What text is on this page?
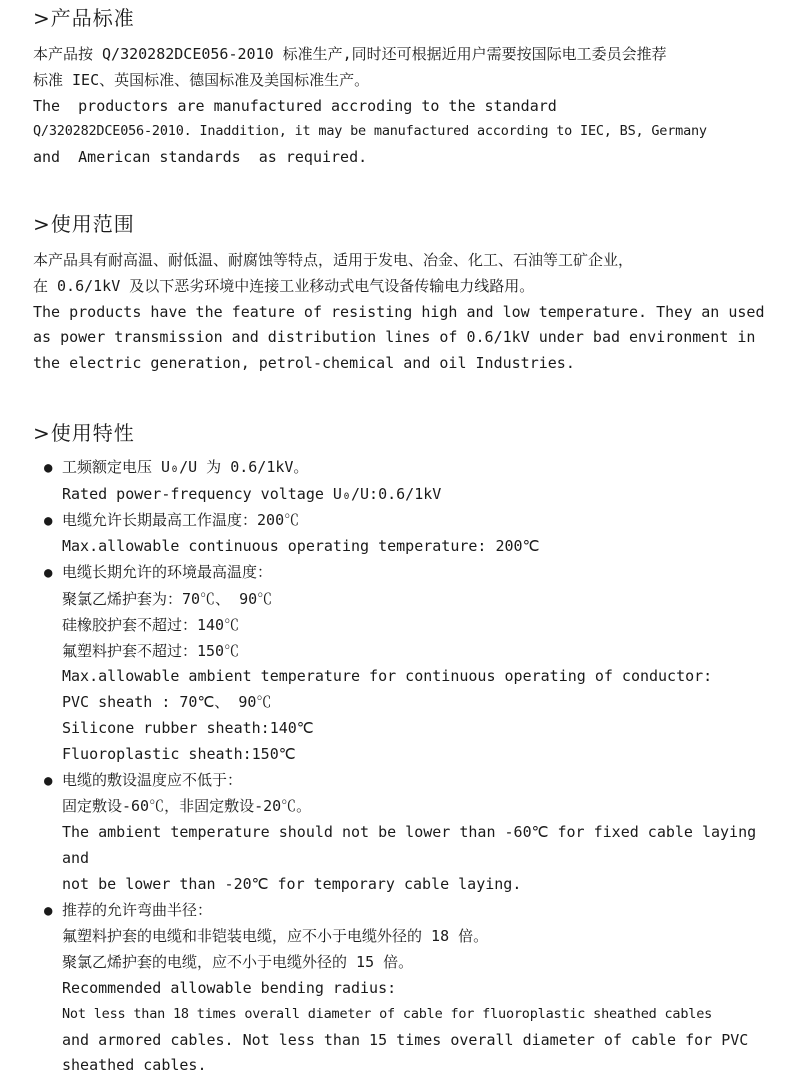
>产品标准
本产品按 Q/320282DCE056-2010 标准生产,同时还可根据近用户需要按国际电工委员会推荐
标准 IEC、英国标准、德国标准及美国标准生产。
The  productors are manufactured accroding to the standard
Q/320282DCE056-2010. Inaddition, it may be manufactured according to IEC, BS, Germany
and  American standards  as required.
>使用范围
本产品具有耐高温、耐低温、耐腐蚀等特点，适用于发电、冶金、化工、石油等工矿企业，
在 0.6/1kV 及以下恶劣环境中连接工业移动式电气设备传输电力线路用。
The products have the feature of resisting high and low temperature. They an used
as power transmission and distribution lines of 0.6/1kV under bad environment in
the electric generation, petrol-chemical and oil Industries.
>使用特性
● 工频额定电压 U₀/U 为 0.6/1kV。
Rated power-frequency voltage U₀/U:0.6/1kV
● 电缆允许长期最高工作温度：200℃
Max.allowable continuous operating temperature: 200℃
● 电缆长期允许的环境最高温度：
聚氯乙烯护套为：70℃、 90℃
硅橡胶护套不超过：140℃
氟塑料护套不超过：150℃
Max.allowable ambient temperature for continuous operating of conductor:
PVC sheath : 70℃、 90℃
Silicone rubber sheath:140℃
Fluoroplastic sheath:150℃
● 电缆的敷设温度应不低于：
固定敷设-60℃，非固定敷设-20℃。
The ambient temperature should not be lower than -60℃ for fixed cable laying and
not be lower than -20℃ for temporary cable laying.
● 推荐的允许弯曲半径：
氟塑料护套的电缆和非铠装电缆，应不小于电缆外径的 18 倍。
聚氯乙烯护套的电缆，应不小于电缆外径的 15 倍。
Recommended allowable bending radius:
Not less than 18 times overall diameter of cable for fluoroplastic sheathed cables
and armored cables. Not less than 15 times overall diameter of cable for PVC
sheathed cables.
